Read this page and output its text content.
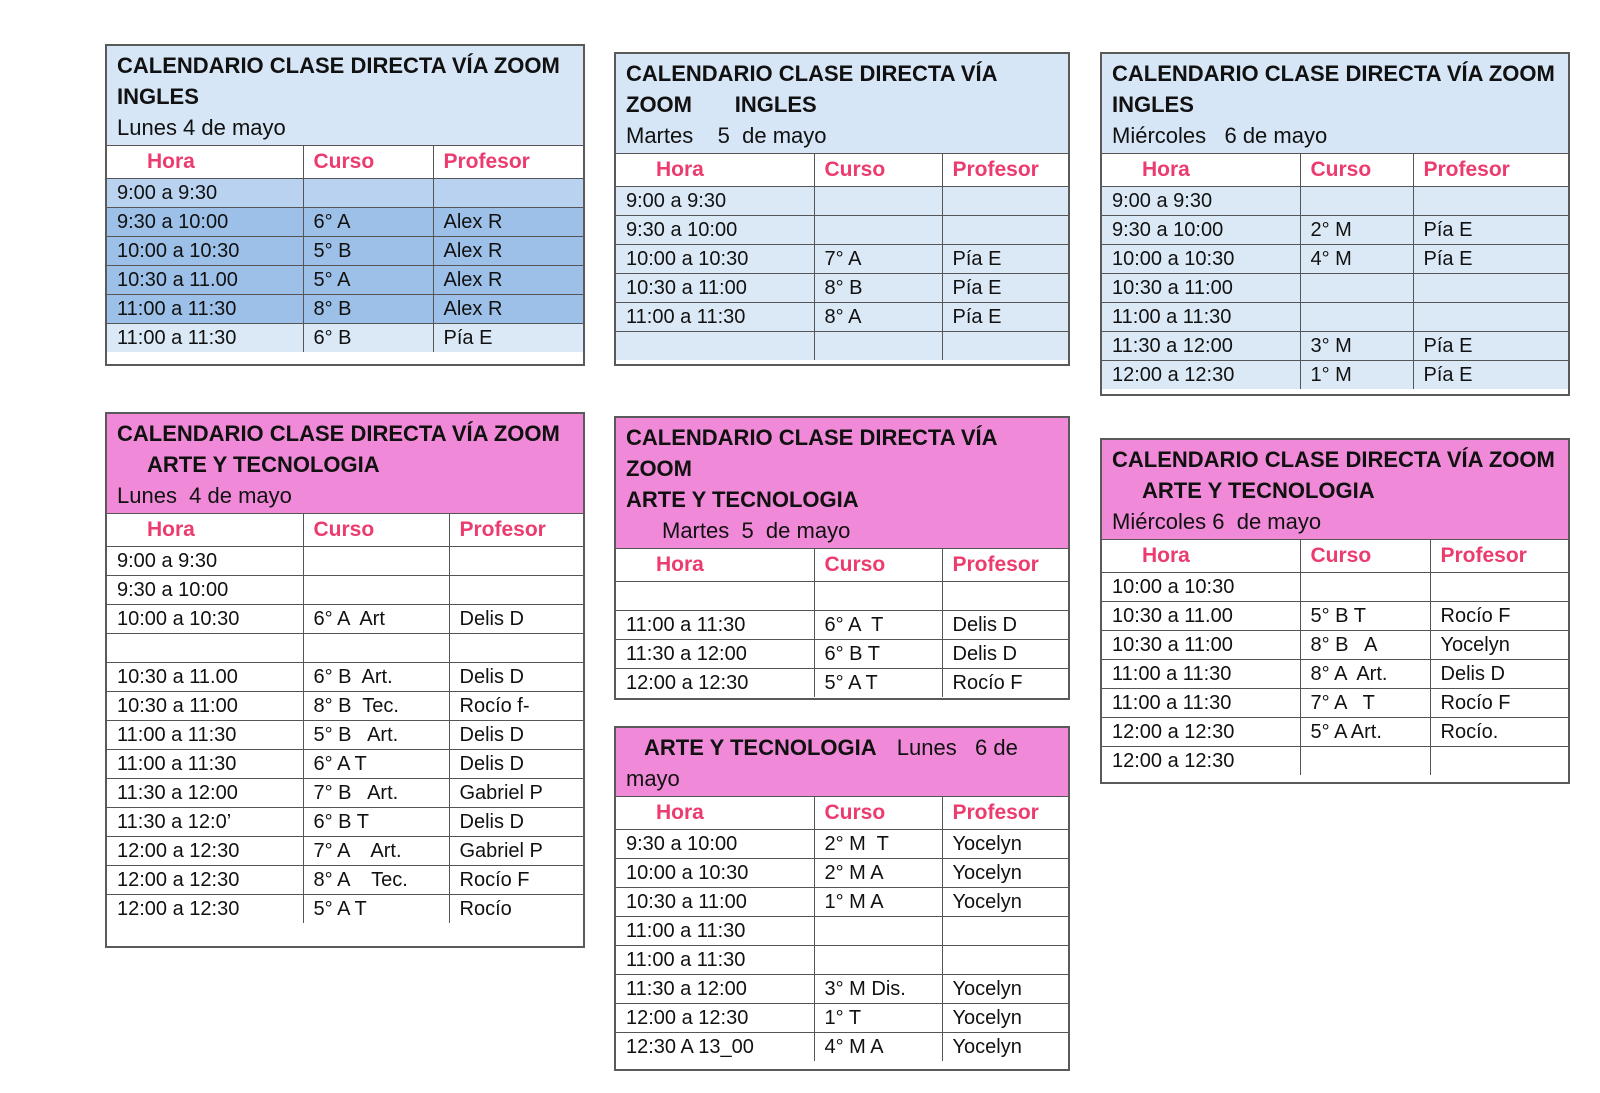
CALENDARIO CLASE DIRECTA VÍA ZOOM
INGLES
Lunes 4 de mayo
Hora	Curso	Profesor
9:00 a 9:30		
9:30 a 10:00	6° A	Alex R
10:00 a 10:30	5° B	Alex R
10:30 a 11.00	5° A	Alex R
11:00 a 11:30	8° B	Alex R
11:00 a 11:30	6° B	Pía E
CALENDARIO CLASE DIRECTA VÍA
ZOOM       INGLES
Martes    5  de mayo
Hora	Curso	Profesor
9:00 a 9:30		
9:30 a 10:00		
10:00 a 10:30	7° A	Pía E
10:30 a 11:00	8° B	Pía E
11:00 a 11:30	8° A	Pía E

CALENDARIO CLASE DIRECTA VÍA ZOOM
INGLES
Miércoles   6 de mayo
Hora	Curso	Profesor
9:00 a 9:30		
9:30 a 10:00	2° M	Pía E
10:00 a 10:30	4° M	Pía E
10:30 a 11:00		
11:00 a 11:30		
11:30 a 12:00	3° M	Pía E
12:00 a 12:30	1° M	Pía E
CALENDARIO CLASE DIRECTA VÍA ZOOM

ARTE Y TECNOLOGIA
Lunes  4 de mayo
Hora	Curso	Profesor
9:00 a 9:30		
9:30 a 10:00		
10:00 a 10:30	6° A  Art	Delis D

10:30 a 11.00	6° B  Art.	Delis D
10:30 a 11:00	8° B  Tec.	Rocío f-
11:00 a 11:30	5° B   Art.	Delis D
11:00 a 11:30	6° A T	Delis D
11:30 a 12:00	7° B   Art.	Gabriel P
11:30 a 12:0’	6° B T	Delis D
12:00 a 12:30	7° A    Art.	Gabriel P
12:00 a 12:30	8° A    Tec.	Rocío F
12:00 a 12:30	5° A T	Rocío
CALENDARIO CLASE DIRECTA VÍA
ZOOM
ARTE Y TECNOLOGIA
Martes  5  de mayo
Hora	Curso	Profesor

11:00 a 11:30	6° A  T	Delis D
11:30 a 12:00	6° B T	Delis D
12:00 a 12:30	5° A T	Rocío F
ARTE Y TECNOLOGIA Lunes   6 de
mayo
Hora	Curso	Profesor
9:30 a 10:00	2° M  T	Yocelyn
10:00 a 10:30	2° M A	Yocelyn
10:30 a 11:00	1° M A	Yocelyn
11:00 a 11:30		
11:00 a 11:30		
11:30 a 12:00	3° M Dis.	Yocelyn
12:00 a 12:30	1° T	Yocelyn
12:30 A 13_00	4° M A	Yocelyn
CALENDARIO CLASE DIRECTA VÍA ZOOM

ARTE Y TECNOLOGIA
Miércoles 6  de mayo
Hora	Curso	Profesor
10:00 a 10:30		
10:30 a 11.00	5° B T	Rocío F
10:30 a 11:00	8° B   A	Yocelyn
11:00 a 11:30	8° A  Art.	Delis D
11:00 a 11:30	7° A   T	Rocío F
12:00 a 12:30	5° A Art.	Rocío.
12:00 a 12:30		
